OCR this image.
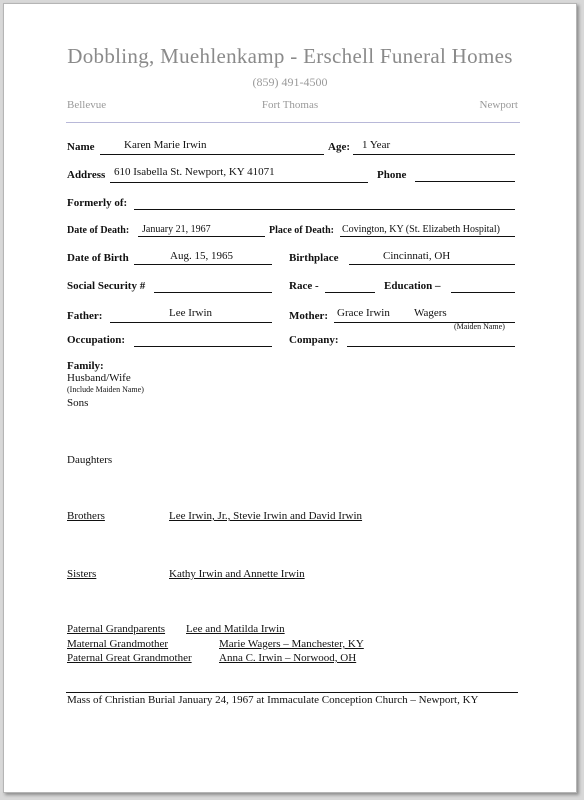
Dobbling, Muehlenkamp - Erschell Funeral Homes
(859) 491-4500
Bellevue	Fort Thomas	Newport
Name	Karen Marie Irwin	Age: 1 Year
Address 610 Isabella St. Newport, KY 41071	Phone
Formerly of:
Date of Death: January 21, 1967	Place of Death: Covington, KY (St. Elizabeth Hospital)
Date of Birth	Aug. 15, 1965	Birthplace	Cincinnati, OH
Social Security #	Race -	Education –
Father:	Lee Irwin	Mother: Grace Irwin Wagers
(Maiden Name)
Occupation:	Company:
Family:
Husband/Wife
(Include Maiden Name)
Sons
Daughters
Brothers	Lee Irwin, Jr., Stevie Irwin and David Irwin
Sisters	Kathy Irwin and Annette Irwin
Paternal Grandparents Lee and Matilda Irwin
Maternal Grandmother	Marie Wagers – Manchester, KY
Paternal Great Grandmother Anna C. Irwin – Norwood, OH
Mass of Christian Burial January 24, 1967 at Immaculate Conception Church – Newport, KY
